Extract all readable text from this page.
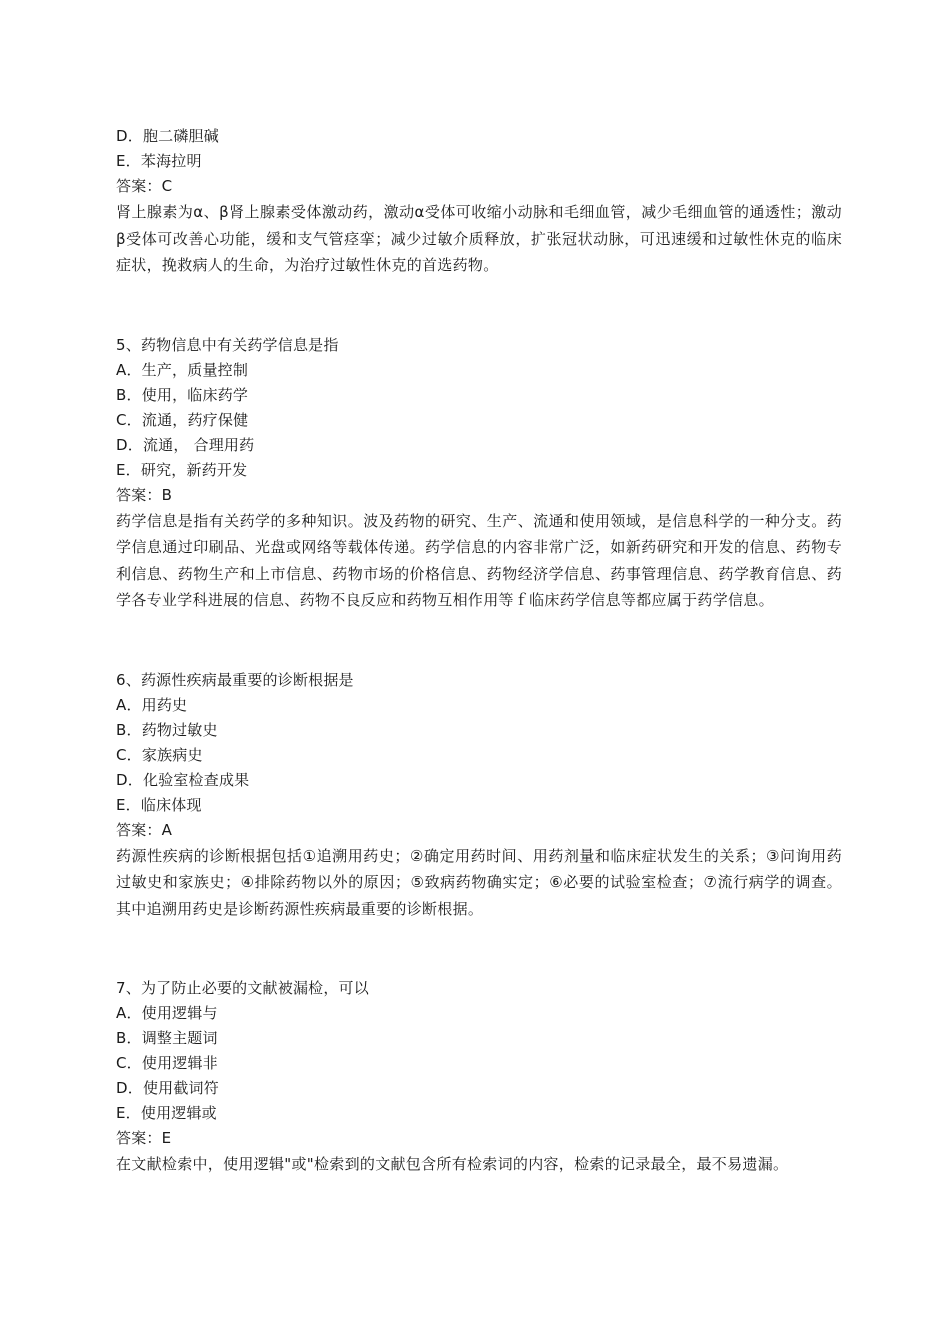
D．胞二磷胆碱
E．苯海拉明
答案：C
肾上腺素为α、β肾上腺素受体激动药，激动α受体可收缩小动脉和毛细血管，减少毛细血管的通透性；激动β受体可改善心功能，缓和支气管痉挛；减少过敏介质释放，扩张冠状动脉，可迅速缓和过敏性休克的临床症状，挽救病人的生命，为治疗过敏性休克的首选药物。
5、药物信息中有关药学信息是指
A．生产，质量控制
B．使用，临床药学
C．流通，药疗保健
D．流通， 合理用药
E．研究，新药开发
答案：B
药学信息是指有关药学的多种知识。波及药物的研究、生产、流通和使用领域，是信息科学的一种分支。药学信息通过印刷品、光盘或网络等载体传递。药学信息的内容非常广泛，如新药研究和开发的信息、药物专利信息、药物生产和上市信息、药物市场的价格信息、药物经济学信息、药事管理信息、药学教育信息、药学各专业学科进展的信息、药物不良反应和药物互相作用等ｆ临床药学信息等都应属于药学信息。
6、药源性疾病最重要的诊断根据是
A．用药史
B．药物过敏史
C．家族病史
D．化验室检查成果
E．临床体现
答案：A
药源性疾病的诊断根据包括①追溯用药史；②确定用药时间、用药剂量和临床症状发生的关系；③问询用药过敏史和家族史；④排除药物以外的原因；⑤致病药物确实定；⑥必要的试验室检查；⑦流行病学的调查。其中追溯用药史是诊断药源性疾病最重要的诊断根据。
7、为了防止必要的文献被漏检，可以
A．使用逻辑与
B．调整主题词
C．使用逻辑非
D．使用截词符
E．使用逻辑或
答案：E
在文献检索中，使用逻辑"或"检索到的文献包含所有检索词的内容，检索的记录最全，最不易遗漏。
